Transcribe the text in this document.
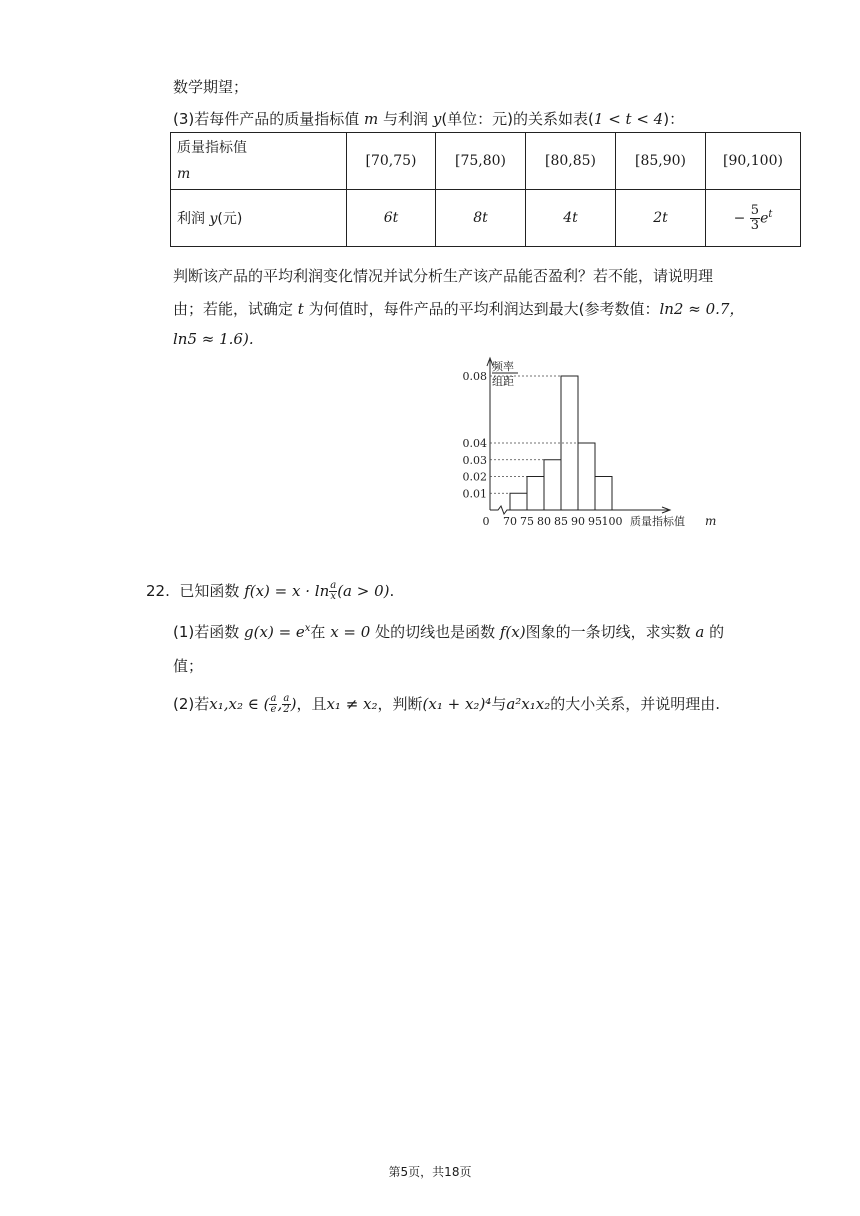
数学期望；
(3)若每件产品的质量指标值 m 与利润 y(单位：元)的关系如表(1 < t < 4)：
质量指标值
m	[70,75)	[75,80)	[80,85)	[85,90)	[90,100)
利润 y(元)	6t	8t	4t	2t	− $\frac{5}{3} e^t$
判断该产品的平均利润变化情况并试分析生产该产品能否盈利？若不能，请说明理
由；若能，试确定 t 为何值时，每件产品的平均利润达到最大(参考数值：ln2 ≈ 0.7，
ln5 ≈ 1.6).
频率
组距
0.08
0.04
0.03
0.02
0.01
0 70 75 80 85 90 95 100 质量指标值 m
22. 已知函数 $f(x) = x \cdot \ln \frac{a}{x} (a > 0)$.
(1)若函数 $g(x) = e^x$在 x = 0 处的切线也是函数 f(x)图象的一条切线，求实数 a 的
值；
(2)若x₁,x₂ ∈ ( $\frac{a}{e}$ , $\frac{a}{2}$ )，且x₁ ≠ x₂，判断(x₁ + x₂)⁴与a²x₁x₂的大小关系，并说明理由.
第5页，共18页
